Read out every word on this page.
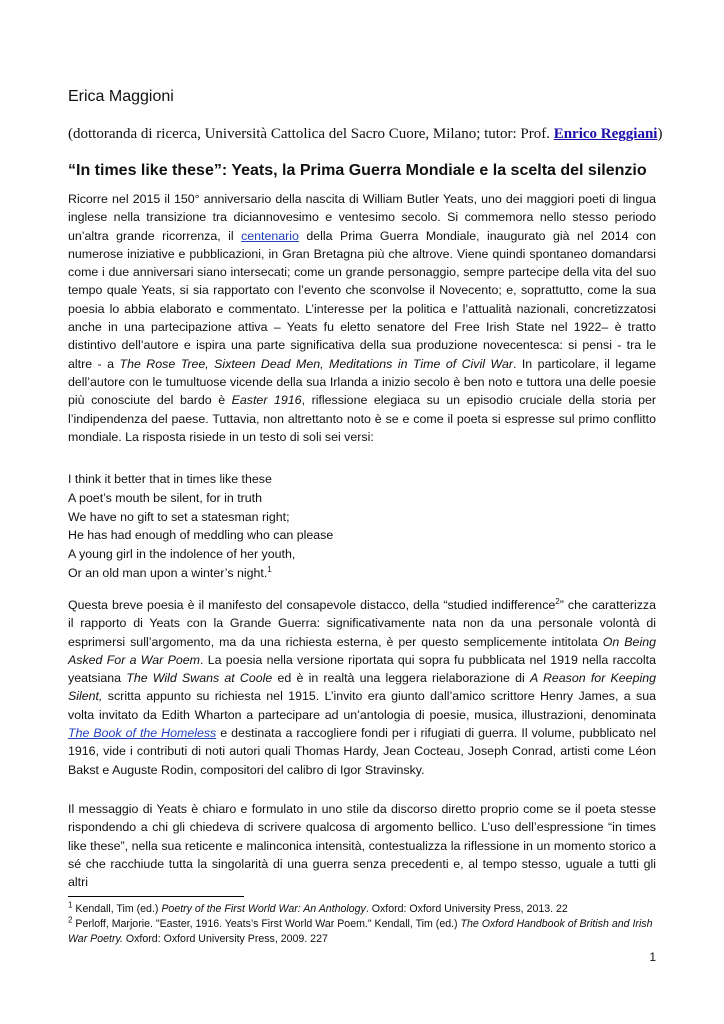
Erica Maggioni
(dottoranda di ricerca, Università Cattolica del Sacro Cuore, Milano; tutor: Prof. Enrico Reggiani)
“In times like these”: Yeats, la Prima Guerra Mondiale e la scelta del silenzio
Ricorre nel 2015 il 150° anniversario della nascita di William Butler Yeats, uno dei maggiori poeti di lingua inglese nella transizione tra diciannovesimo e ventesimo secolo. Si commemora nello stesso periodo un’altra grande ricorrenza, il centenario della Prima Guerra Mondiale, inaugurato già nel 2014 con numerose iniziative e pubblicazioni, in Gran Bretagna più che altrove. Viene quindi spontaneo domandarsi come i due anniversari siano intersecati; come un grande personaggio, sempre partecipe della vita del suo tempo quale Yeats, si sia rapportato con l’evento che sconvolse il Novecento; e, soprattutto, come la sua poesia lo abbia elaborato e commentato. L’interesse per la politica e l’attualità nazionali, concretizzatosi anche in una partecipazione attiva – Yeats fu eletto senatore del Free Irish State nel 1922– è tratto distintivo dell’autore e ispira una parte significativa della sua produzione novecentesca: si pensi - tra le altre - a The Rose Tree, Sixteen Dead Men, Meditations in Time of Civil War. In particolare, il legame dell’autore con le tumultuose vicende della sua Irlanda a inizio secolo è ben noto e tuttora una delle poesie più conosciute del bardo è Easter 1916, riflessione elegiaca su un episodio cruciale della storia per l’indipendenza del paese. Tuttavia, non altrettanto noto è se e come il poeta si espresse sul primo conflitto mondiale. La risposta risiede in un testo di soli sei versi:
I think it better that in times like these
A poet’s mouth be silent, for in truth
We have no gift to set a statesman right;
He has had enough of meddling who can please
A young girl in the indolence of her youth,
Or an old man upon a winter’s night.$^1$
Questa breve poesia è il manifesto del consapevole distacco, della “studied indifference$^2$” che caratterizza il rapporto di Yeats con la Grande Guerra: significativamente nata non da una personale volontà di esprimersi sull’argomento, ma da una richiesta esterna, è per questo semplicemente intitolata On Being Asked For a War Poem. La poesia nella versione riportata qui sopra fu pubblicata nel 1919 nella raccolta yeatsiana The Wild Swans at Coole ed è in realtà una leggera rielaborazione di A Reason for Keeping Silent, scritta appunto su richiesta nel 1915. L’invito era giunto dall’amico scrittore Henry James, a sua volta invitato da Edith Wharton a partecipare ad un’antologia di poesie, musica, illustrazioni, denominata The Book of the Homeless e destinata a raccogliere fondi per i rifugiati di guerra. Il volume, pubblicato nel 1916, vide i contributi di noti autori quali Thomas Hardy, Jean Cocteau, Joseph Conrad, artisti come Léon Bakst e Auguste Rodin, compositori del calibro di Igor Stravinsky.
Il messaggio di Yeats è chiaro e formulato in uno stile da discorso diretto proprio come se il poeta stesse rispondendo a chi gli chiedeva di scrivere qualcosa di argomento bellico. L’uso dell’espressione “in times like these”, nella sua reticente e malinconica intensità, contestualizza la riflessione in un momento storico a sé che racchiude tutta la singolarità di una guerra senza precedenti e, al tempo stesso, uguale a tutti gli altri
$^1$ Kendall, Tim (ed.) Poetry of the First World War: An Anthology. Oxford: Oxford University Press, 2013. 22
$^2$ Perloff, Marjorie. "Easter, 1916. Yeats’s First World War Poem." Kendall, Tim (ed.) The Oxford Handbook of British and Irish War Poetry. Oxford: Oxford University Press, 2009. 227
1
